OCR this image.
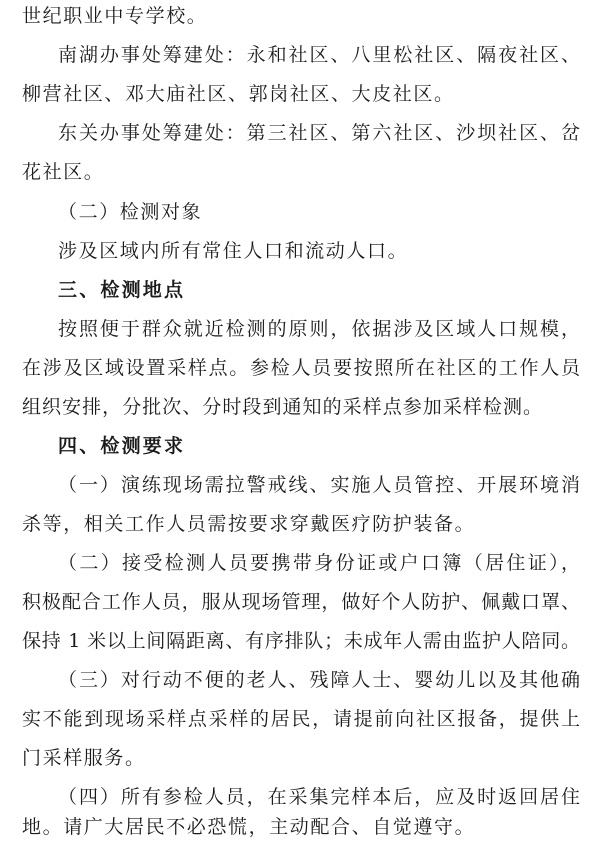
世纪职业中专学校。
南湖办事处筹建处：永和社区、八里松社区、隔夜社区、
柳营社区、邓大庙社区、郭岗社区、大皮社区。
东关办事处筹建处：第三社区、第六社区、沙坝社区、岔
花社区。
（二）检测对象
涉及区域内所有常住人口和流动人口。
三、检测地点
按照便于群众就近检测的原则，依据涉及区域人口规模，
在涉及区域设置采样点。参检人员要按照所在社区的工作人员
组织安排，分批次、分时段到通知的采样点参加采样检测。
四、检测要求
（一）演练现场需拉警戒线、实施人员管控、开展环境消
杀等，相关工作人员需按要求穿戴医疗防护装备。
（二）接受检测人员要携带身份证或户口簿（居住证），
积极配合工作人员，服从现场管理，做好个人防护、佩戴口罩、
保持 1 米以上间隔距离、有序排队；未成年人需由监护人陪同。
（三）对行动不便的老人、残障人士、婴幼儿以及其他确
实不能到现场采样点采样的居民，请提前向社区报备，提供上
门采样服务。
（四）所有参检人员，在采集完样本后，应及时返回居住
地。请广大居民不必恐慌，主动配合、自觉遵守。
